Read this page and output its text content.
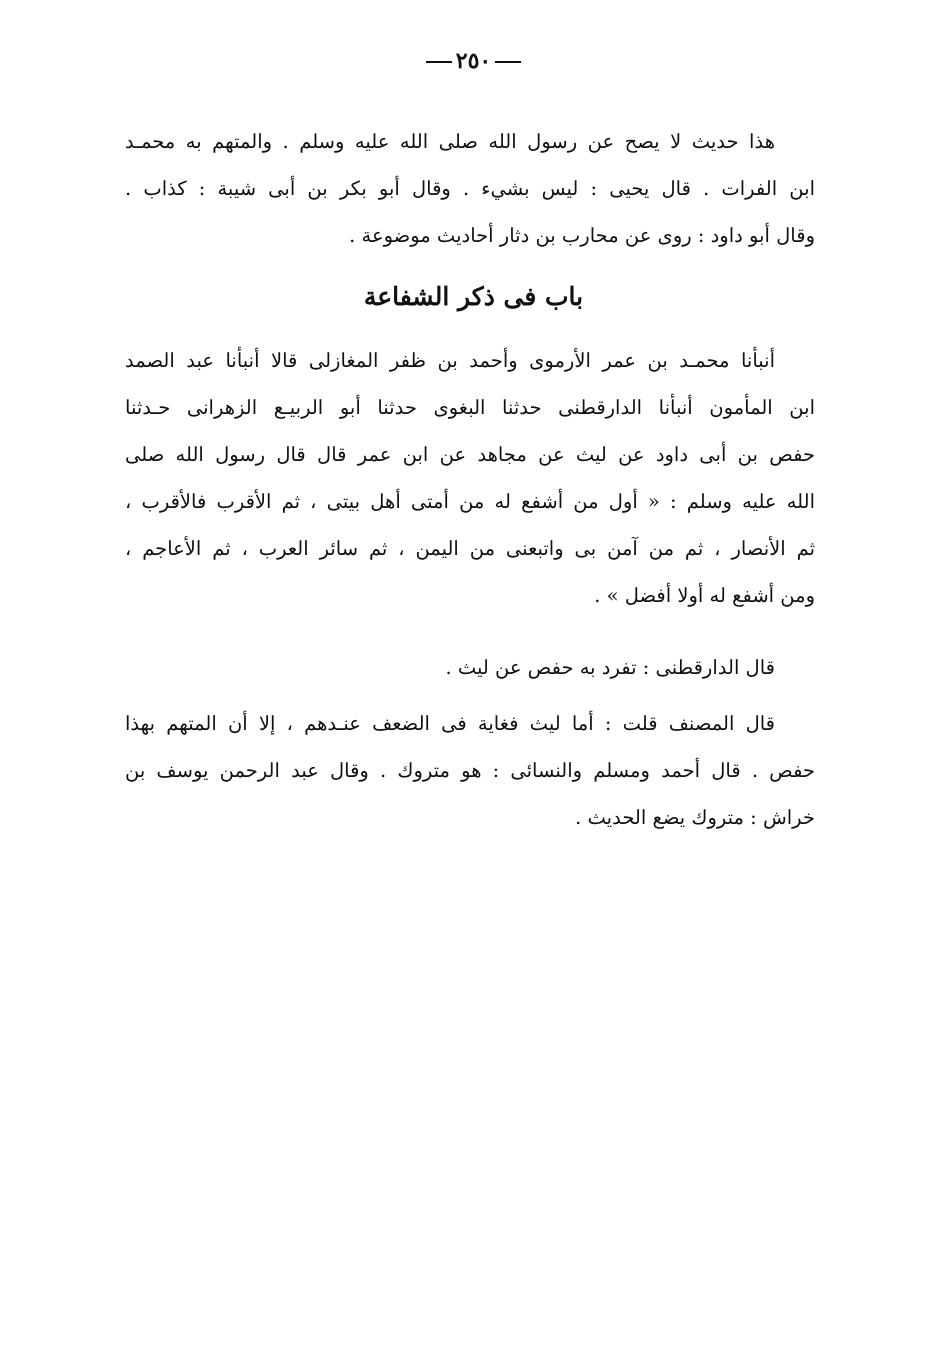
٢٥٠
هذا حديث لا يصح عن رسول الله صلى الله عليه وسلم . والمتهم به محمـد
ابن الفرات . قال يحيى : ليس بشيء . وقال أبو بكر بن أبى شيبة : كذاب .
وقال أبو داود : روى عن محارب بن دثار أحاديث موضوعة .
باب فى ذكر الشفاعة
أنبأنا محمـد بن عمر الأرموى وأحمد بن ظفر المغازلى قالا أنبأنا عبد الصمد
ابن المأمون أنبأنا الدارقطنى حدثنا البغوى حدثنا أبو الربيـع الزهرانى حـدثنا
حفص بن أبى داود عن ليث عن مجاهد عن ابن عمر قال قال رسول الله صلى
الله عليه وسلم : « أول من أشفع له من أمتى أهل بيتى ، ثم الأقرب فالأقرب ،
ثم الأنصار ، ثم من آمن بى واتبعنى من اليمن ، ثم سائر العرب ، ثم الأعاجم ،
ومن أشفع له أولا أفضل » .
قال الدارقطنى : تفرد به حفص عن ليث .
قال المصنف قلت : أما ليث فغاية فى الضعف عنـدهم ، إلا أن المتهم بهذا
حفص . قال أحمد ومسلم والنسائى : هو متروك . وقال عبد الرحمن يوسف بن
خراش : متروك يضع الحديث .
